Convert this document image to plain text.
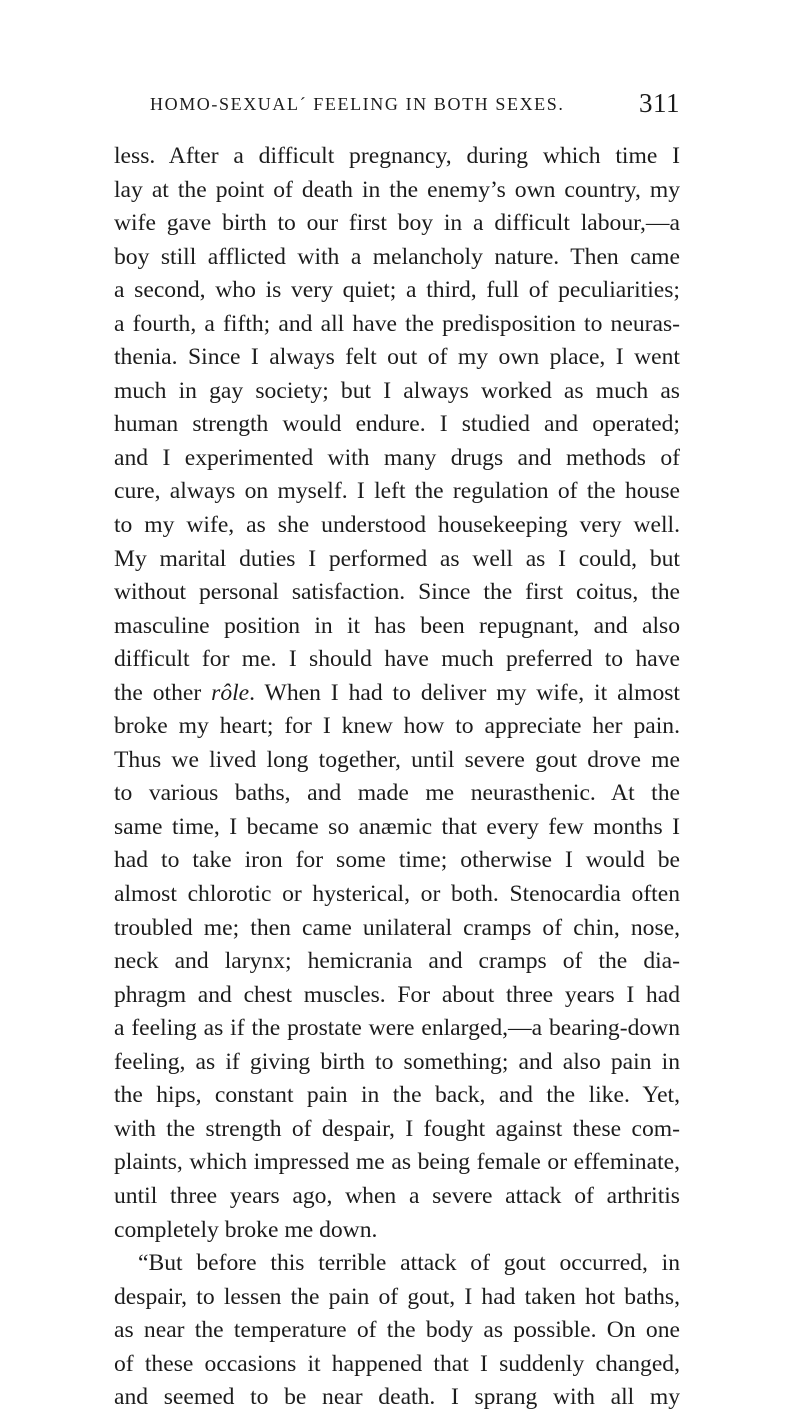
HOMO-SEXUAL´ FEELING IN BOTH SEXES.	311
less. After a difficult pregnancy, during which time I
lay at the point of death in the enemy’s own country, my
wife gave birth to our first boy in a difficult labour,—a
boy still afflicted with a melancholy nature. Then came
a second, who is very quiet; a third, full of peculiarities;
a fourth, a fifth; and all have the predisposition to neuras-
thenia. Since I always felt out of my own place, I went
much in gay society; but I always worked as much as
human strength would endure. I studied and operated;
and I experimented with many drugs and methods of
cure, always on myself. I left the regulation of the house
to my wife, as she understood housekeeping very well.
My marital duties I performed as well as I could, but
without personal satisfaction. Since the first coitus, the
masculine position in it has been repugnant, and also
difficult for me. I should have much preferred to have
the other rôle. When I had to deliver my wife, it almost
broke my heart; for I knew how to appreciate her pain.
Thus we lived long together, until severe gout drove me
to various baths, and made me neurasthenic. At the
same time, I became so anæmic that every few months I
had to take iron for some time; otherwise I would be
almost chlorotic or hysterical, or both. Stenocardia often
troubled me; then came unilateral cramps of chin, nose,
neck and larynx; hemicrania and cramps of the dia-
phragm and chest muscles. For about three years I had
a feeling as if the prostate were enlarged,—a bearing-down
feeling, as if giving birth to something; and also pain in
the hips, constant pain in the back, and the like. Yet,
with the strength of despair, I fought against these com-
plaints, which impressed me as being female or effeminate,
until three years ago, when a severe attack of arthritis
completely broke me down.
“But before this terrible attack of gout occurred, in
despair, to lessen the pain of gout, I had taken hot baths,
as near the temperature of the body as possible. On one
of these occasions it happened that I suddenly changed,
and seemed to be near death. I sprang with all my
